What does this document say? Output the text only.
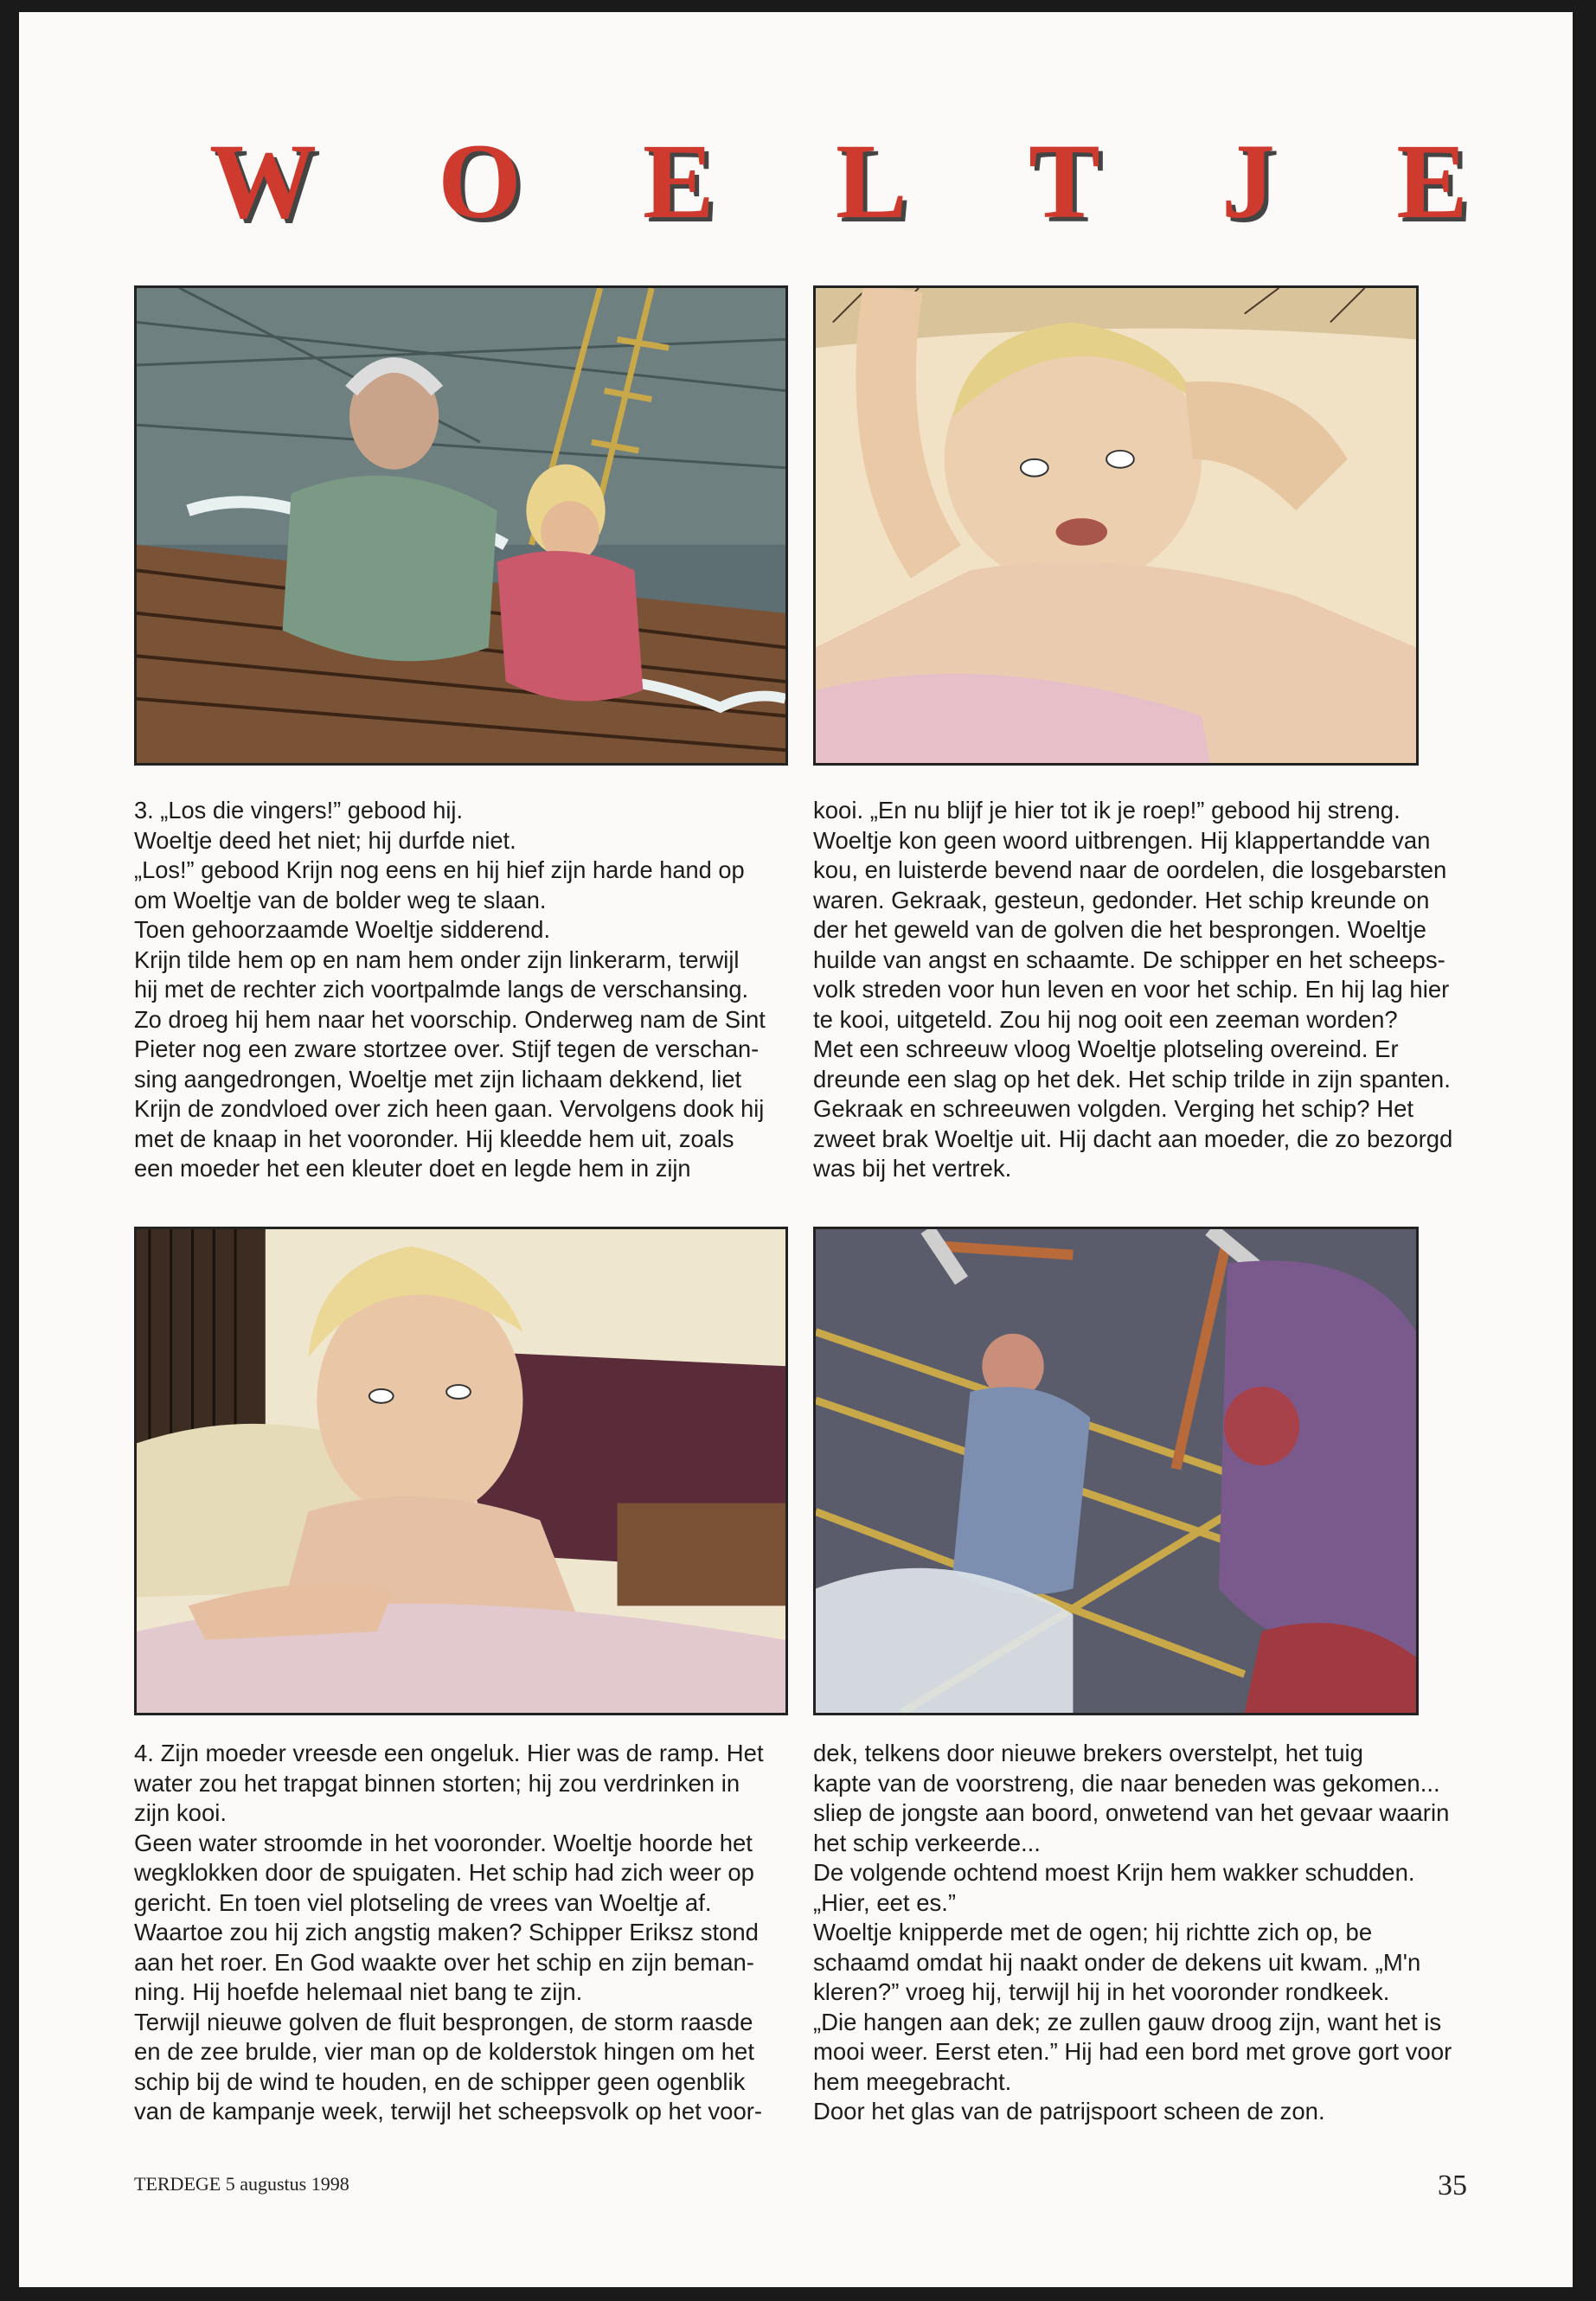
W O E L T J E
3. „Los die vingers!” gebood hij.
Woeltje deed het niet; hij durfde niet.
„Los!” gebood Krijn nog eens en hij hief zijn harde hand op
om Woeltje van de bolder weg te slaan.
Toen gehoorzaamde Woeltje sidderend.
Krijn tilde hem op en nam hem onder zijn linkerarm, terwijl
hij met de rechter zich voortpalmde langs de verschansing.
Zo droeg hij hem naar het voorschip. Onderweg nam de Sint
Pieter nog een zware stortzee over. Stijf tegen de verschan-
sing aangedrongen, Woeltje met zijn lichaam dekkend, liet
Krijn de zondvloed over zich heen gaan. Vervolgens dook hij
met de knaap in het vooronder. Hij kleedde hem uit, zoals
een moeder het een kleuter doet en legde hem in zijn
kooi. „En nu blijf je hier tot ik je roep!” gebood hij streng.
Woeltje kon geen woord uitbrengen. Hij klappertandde van
kou, en luisterde bevend naar de oordelen, die losgebarsten
waren. Gekraak, gesteun, gedonder. Het schip kreunde on
der het geweld van de golven die het besprongen. Woeltje
huilde van angst en schaamte. De schipper en het scheeps-
volk streden voor hun leven en voor het schip. En hij lag hier
te kooi, uitgeteld. Zou hij nog ooit een zeeman worden?
Met een schreeuw vloog Woeltje plotseling overeind. Er
dreunde een slag op het dek. Het schip trilde in zijn spanten.
Gekraak en schreeuwen volgden. Verging het schip? Het
zweet brak Woeltje uit. Hij dacht aan moeder, die zo bezorgd
was bij het vertrek.
4. Zijn moeder vreesde een ongeluk. Hier was de ramp. Het
water zou het trapgat binnen storten; hij zou verdrinken in
zijn kooi.
Geen water stroomde in het vooronder. Woeltje hoorde het
wegklokken door de spuigaten. Het schip had zich weer op
gericht. En toen viel plotseling de vrees van Woeltje af.
Waartoe zou hij zich angstig maken? Schipper Eriksz stond
aan het roer. En God waakte over het schip en zijn beman-
ning. Hij hoefde helemaal niet bang te zijn.
Terwijl nieuwe golven de fluit besprongen, de storm raasde
en de zee brulde, vier man op de kolderstok hingen om het
schip bij de wind te houden, en de schipper geen ogenblik
van de kampanje week, terwijl het scheepsvolk op het voor-
dek, telkens door nieuwe brekers overstelpt, het tuig
kapte van de voorstreng, die naar beneden was gekomen...
sliep de jongste aan boord, onwetend van het gevaar waarin
het schip verkeerde...
De volgende ochtend moest Krijn hem wakker schudden.
„Hier, eet es.”
Woeltje knipperde met de ogen; hij richtte zich op, be
schaamd omdat hij naakt onder de dekens uit kwam. „M'n
kleren?” vroeg hij, terwijl hij in het vooronder rondkeek.
„Die hangen aan dek; ze zullen gauw droog zijn, want het is
mooi weer. Eerst eten.” Hij had een bord met grove gort voor
hem meegebracht.
Door het glas van de patrijspoort scheen de zon.
TERDEGE 5 augustus 1998	35
